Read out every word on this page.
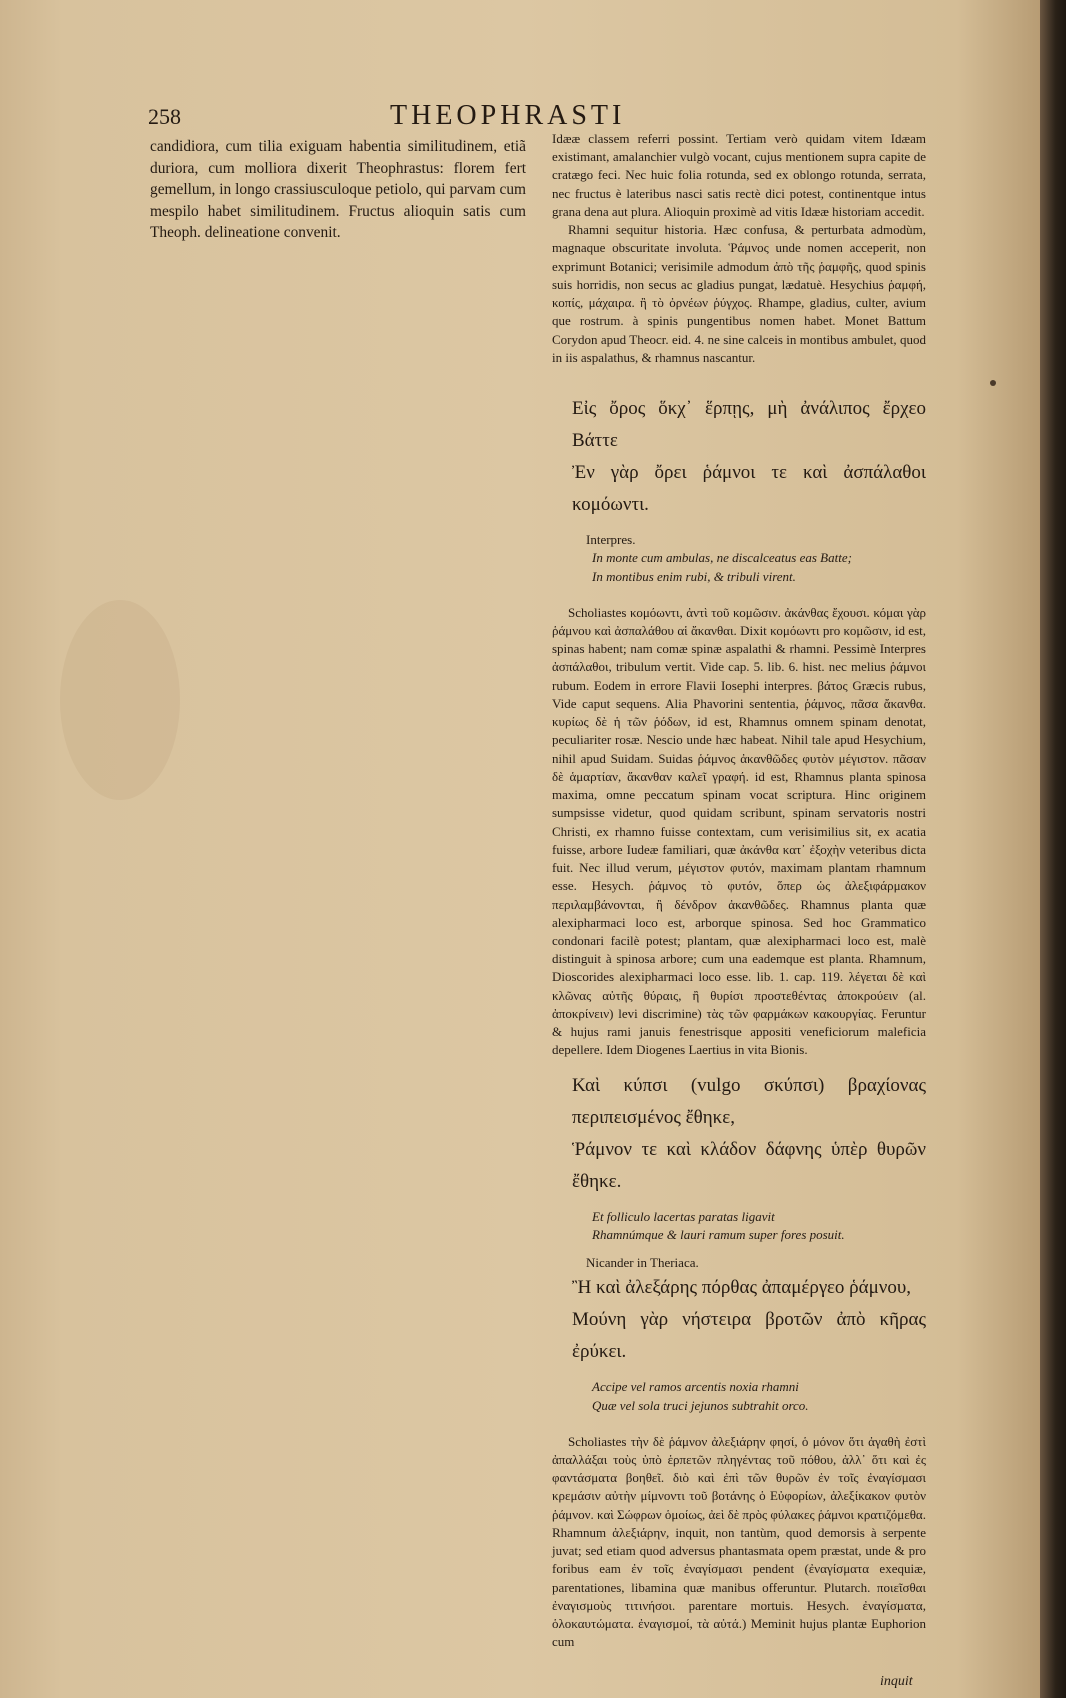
258	THEOPHRASTI

candidiora, cum tilia exiguam habentia similitudinem, etiã duriora, cum molliora dixerit Theophrastus: florem fert gemellum, in longo crassiusculoque petiolo, qui parvam cum mespilo habet similitudinem. Fructus alioquin satis cum Theoph. delineatione convenit.

Idææ classem referri possint. Tertiam verò quidam vitem Idæam existimant, amalanchier vulgò vocant, cujus mentionem supra capite de cratægo feci. Nec huic folia rotunda, sed ex oblongo rotunda, serrata, nec fructus è lateribus nasci satis rectè dici potest, continentque intus grana dena aut plura. Alioquin proximè ad vitis Idææ historiam accedit.

Rhamni sequitur historia. Hæc confusa, & perturbata admodùm, magnaque obscuritate involuta. Ῥάμνος unde nomen acceperit, non exprimunt Botanici; verisimile admodum ἀπὸ τῆς ῥαμφῆς, quod spinis suis horridis, non secus ac gladius pungat, lædatuè. Hesychius ῥαμφή, κοπίς, μάχαιρα. ἢ τὸ ὀρνέων ῥύγχος. Rhampe, gladius, culter, avium que rostrum. à spinis pungentibus nomen habet. Monet Battum Corydon apud Theocr. eid. 4. ne sine calceis in montibus ambulet, quod in iis aspalathus, & rhamnus nascantur.

Εἰς ὄρος ὅκχ᾽ ἕρπῃς, μὴ ἀνάλιπος ἔρχεο Βάττε
Ἐν γὰρ ὄρει ῥάμνοι τε καὶ ἀσπάλαθοι κομόωντι.

Interpres.

In monte cum ambulas, ne discalceatus eas Batte;

In montibus enim rubi, & tribuli virent.

Scholiastes κομόωντι, ἀντὶ τοῦ κομῶσιν. ἀκάνθας ἔχουσι. κόμαι γὰρ ῥάμνου καὶ ἀσπαλάθου αἱ ἄκανθαι. Dixit κομόωντι pro κομῶσιν, id est, spinas habent; nam comæ spinæ aspalathi & rhamni. Pessimè Interpres ἀσπάλαθοι, tribulum vertit. Vide cap. 5. lib. 6. hist. nec melius ῥάμνοι rubum. Eodem in errore Flavii Iosephi interpres. βάτος Græcis rubus, Vide caput sequens. Alia Phavorini sententia, ῥάμνος, πᾶσα ἄκανθα. κυρίως δὲ ἡ τῶν ῥόδων, id est, Rhamnus omnem spinam denotat, peculiariter rosæ. Nescio unde hæc habeat. Nihil tale apud Hesychium, nihil apud Suidam. Suidas ῥάμνος ἀκανθῶδες φυτὸν μέγιστον. πᾶσαν δὲ ἁμαρτίαν, ἄκανθαν καλεῖ γραφή. id est, Rhamnus planta spinosa maxima, omne peccatum spinam vocat scriptura. Hinc originem sumpsisse videtur, quod quidam scribunt, spinam servatoris nostri Christi, ex rhamno fuisse contextam, cum verisimilius sit, ex acatia fuisse, arbore Iudeæ familiari, quæ ἀκάνθα κατ᾽ ἐξοχὴν veteribus dicta fuit. Nec illud verum, μέγιστον φυτόν, maximam plantam rhamnum esse. Hesych. ῥάμνος τὸ φυτόν, ὅπερ ὡς ἀλεξιφάρμακον περιλαμβάνονται, ἢ δένδρον ἀκανθῶδες. Rhamnus planta quæ alexipharmaci loco est, arborque spinosa. Sed hoc Grammatico condonari facilè potest; plantam, quæ alexipharmaci loco est, malè distinguit à spinosa arbore; cum una eademque est planta. Rhamnum, Dioscorides alexipharmaci loco esse. lib. 1. cap. 119. λέγεται δὲ καὶ κλῶνας αὐτῆς θύραις, ἢ θυρίσι προστεθέντας ἀποκρούειν (al. ἀποκρίνειν) levi discrimine) τὰς τῶν φαρμάκων κακουργίας. Feruntur & hujus rami januis fenestrisque appositi veneficiorum maleficia depellere. Idem Diogenes Laertius in vita Bionis.

Καὶ κύπσι (vulgo σκύπσι) βραχίονας περιπεισμένος ἔθηκε,
Ῥάμνον τε καὶ κλάδον δάφνης ὑπὲρ θυρῶν ἔθηκε.

Et folliculo lacertas paratas ligavit

Rhamnúmque & lauri ramum super fores posuit.

Nicander in Theriaca.

Ἢ καὶ ἀλεξάρης πόρθας ἀπαμέργεο ῥάμνου,
Μούνη γὰρ νήστειρα βροτῶν ἀπὸ κῆρας ἐρύκει.

Accipe vel ramos arcentis noxia rhamni

Quæ vel sola truci jejunos subtrahit orco.

Scholiastes τὴν δὲ ῥάμνον ἀλεξιάρην φησί, ὁ μόνον ὅτι ἀγαθὴ ἐστὶ ἀπαλλάξαι τοὺς ὑπὸ ἑρπετῶν πληγέντας τοῦ πόθου, ἀλλ᾽ ὅτι καὶ ἐς φαντάσματα βοηθεῖ. διὸ καὶ ἐπὶ τῶν θυρῶν ἐν τοῖς ἐναγίσμασι κρεμάσιν αὐτὴν μίμνοντι τοῦ βοτάνης ὁ Εὐφορίων, ἀλεξίκακον φυτὸν ῥάμνον. καὶ Σώφρων ὁμοίως, ἀεὶ δὲ πρὸς φύλακες ῥάμνοι κρατιζόμεθα. Rhamnum ἀλεξιάρην, inquit, non tantùm, quod demorsis à serpente juvat; sed etiam quod adversus phantasmata opem præstat, unde & pro foribus eam ἐν τοῖς ἐναγίσμασι pendent (ἐναγίσματα exequiæ, parentationes, libamina quæ manibus offeruntur. Plutarch. ποιεῖσθαι ἐναγισμοὺς τιτινήσοι. parentare mortuis. Hesych. ἐναγίσματα, ὁλοκαυτώματα. ἐναγισμοί, τὰ αὐτά.) Meminit hujus plantæ Euphorion cum

inquit
